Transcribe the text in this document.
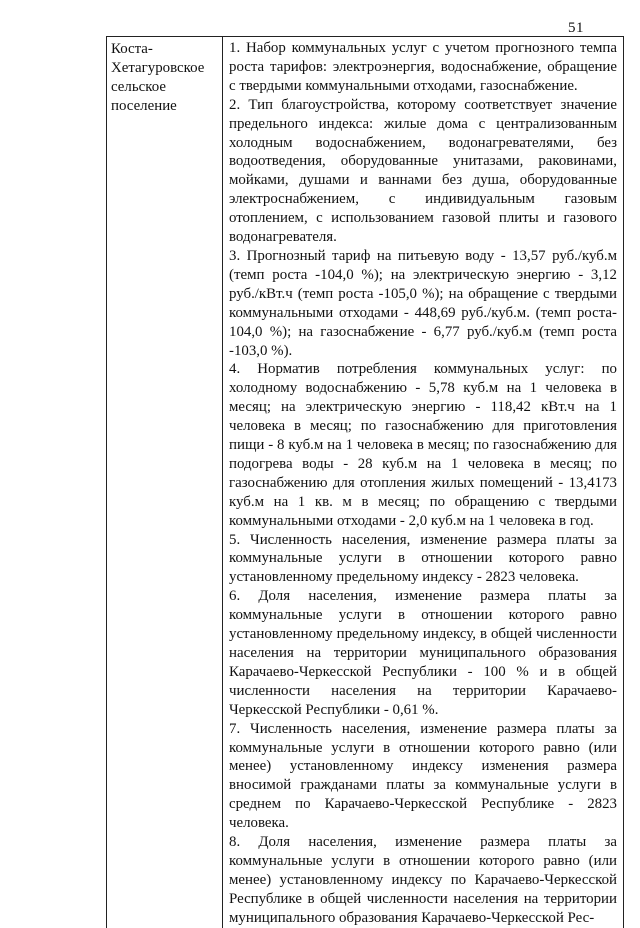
51
Коста-Хетагуровское сельское поселение	

1. Набор коммунальных услуг с учетом прогнозного темпа роста тарифов: электроэнергия, водоснабжение, обращение с твердыми коммунальными отходами, газоснабжение.

2. Тип благоустройства, которому соответствует значение предельного индекса: жилые дома с централизованным холодным водоснабжением, водонагревателями, без водоотведения, оборудованные унитазами, раковинами, мойками, душами и ваннами без душа, оборудованные электроснабжением, с индивидуальным газовым отоплением, с использованием газовой плиты и газового водонагревателя.

3. Прогнозный тариф на питьевую воду - 13,57 руб./куб.м (темп роста -104,0 %); на электрическую энергию - 3,12 руб./кВт.ч (темп роста -105,0 %); на обращение с твердыми коммунальными отходами - 448,69 руб./куб.м. (темп роста- 104,0 %); на газоснабжение - 6,77 руб./куб.м (темп роста -103,0 %).

4. Норматив потребления коммунальных услуг: по холодному водоснабжению - 5,78 куб.м на 1 человека в месяц; на электрическую энергию - 118,42 кВт.ч на 1 человека в месяц; по газоснабжению для приготовления пищи - 8 куб.м на 1 человека в месяц; по газоснабжению для подогрева воды - 28 куб.м на 1 человека в месяц; по газоснабжению для отопления жилых помещений - 13,4173 куб.м на 1 кв. м в месяц; по обращению с твердыми коммунальными отходами - 2,0 куб.м на 1 человека в год.

5. Численность населения, изменение размера платы за коммунальные услуги в отношении которого равно установленному предельному индексу - 2823 человека.

6. Доля населения, изменение размера платы за коммунальные услуги в отношении которого равно установленному предельному индексу, в общей численности населения на территории муниципального образования Карачаево-Черкесской Республики - 100 % и в общей численности населения на территории Карачаево-Черкесской Республики - 0,61 %.

7. Численность населения, изменение размера платы за коммунальные услуги в отношении которого равно (или менее) установленному индексу изменения размера вносимой гражданами платы за коммунальные услуги в среднем по Карачаево-Черкесской Республике - 2823 человека.

8. Доля населения, изменение размера платы за коммунальные услуги в отношении которого равно (или менее) установленному индексу по Карачаево-Черкесской Республике в общей численности населения на территории муниципального образования Карачаево-Черкесской Рес-
